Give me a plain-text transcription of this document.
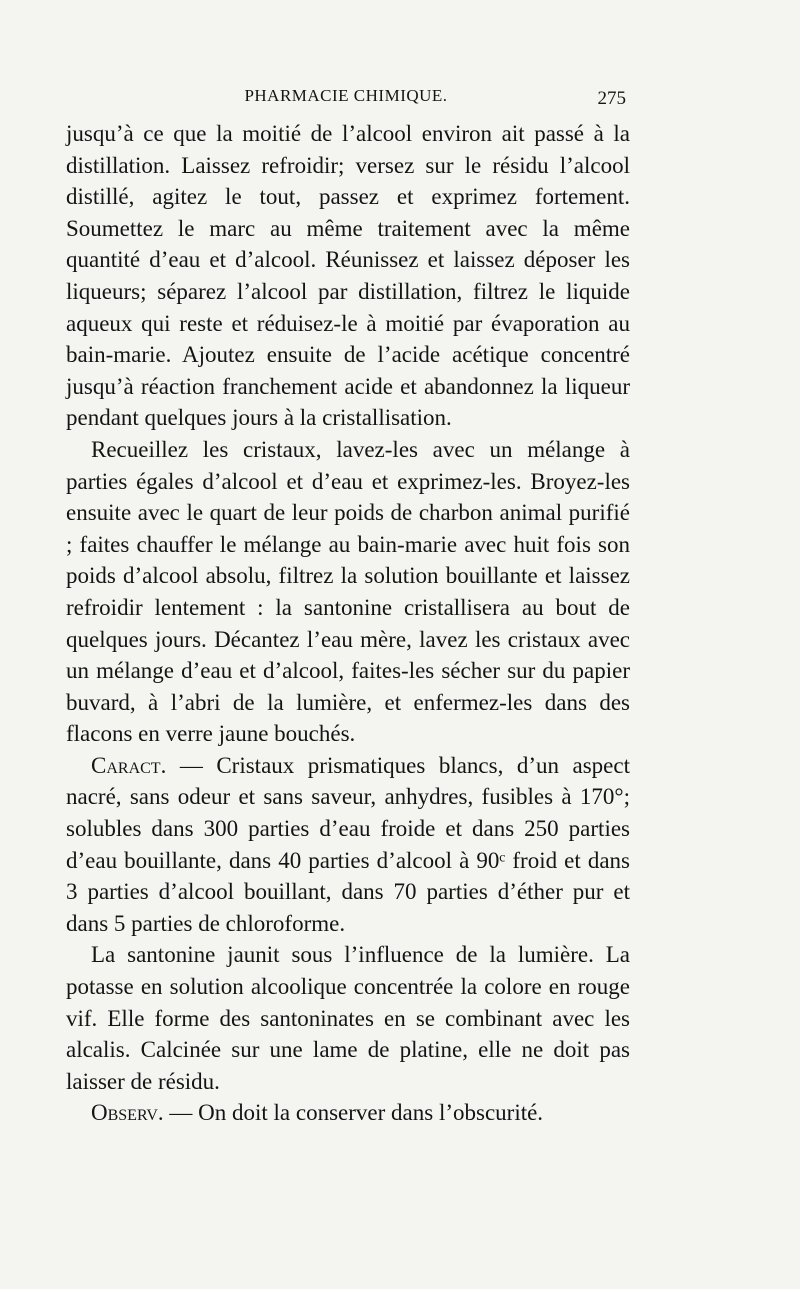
PHARMACIE CHIMIQUE.	275

jusqu’à ce que la moitié de l’alcool environ ait passé à la distillation. Laissez refroidir; versez sur le résidu l’alcool distillé, agitez le tout, passez et exprimez fortement. Soumettez le marc au même traitement avec la même quantité d’eau et d’alcool. Réunissez et laissez déposer les liqueurs; séparez l’alcool par distillation, filtrez le liquide aqueux qui reste et réduisez-le à moitié par évaporation au bain-marie. Ajoutez ensuite de l’acide acétique concentré jusqu’à réaction franchement acide et abandonnez la liqueur pendant quelques jours à la cristallisation.

Recueillez les cristaux, lavez-les avec un mélange à parties égales d’alcool et d’eau et exprimez-les. Broyez-les ensuite avec le quart de leur poids de charbon animal purifié ; faites chauffer le mélange au bain-marie avec huit fois son poids d’alcool absolu, filtrez la solution bouillante et laissez refroidir lentement : la santonine cristallisera au bout de quelques jours. Décantez l’eau mère, lavez les cristaux avec un mélange d’eau et d’alcool, faites-les sécher sur du papier buvard, à l’abri de la lumière, et enfermez-les dans des flacons en verre jaune bouchés.

Caract. — Cristaux prismatiques blancs, d’un aspect nacré, sans odeur et sans saveur, anhydres, fusibles à 170°; solubles dans 300 parties d’eau froide et dans 250 parties d’eau bouillante, dans 40 parties d’alcool à 90ᶜ froid et dans 3 parties d’alcool bouillant, dans 70 parties d’éther pur et dans 5 parties de chloroforme.

La santonine jaunit sous l’influence de la lumière. La potasse en solution alcoolique concentrée la colore en rouge vif. Elle forme des santoninates en se combinant avec les alcalis. Calcinée sur une lame de platine, elle ne doit pas laisser de résidu.

Observ. — On doit la conserver dans l’obscurité.
